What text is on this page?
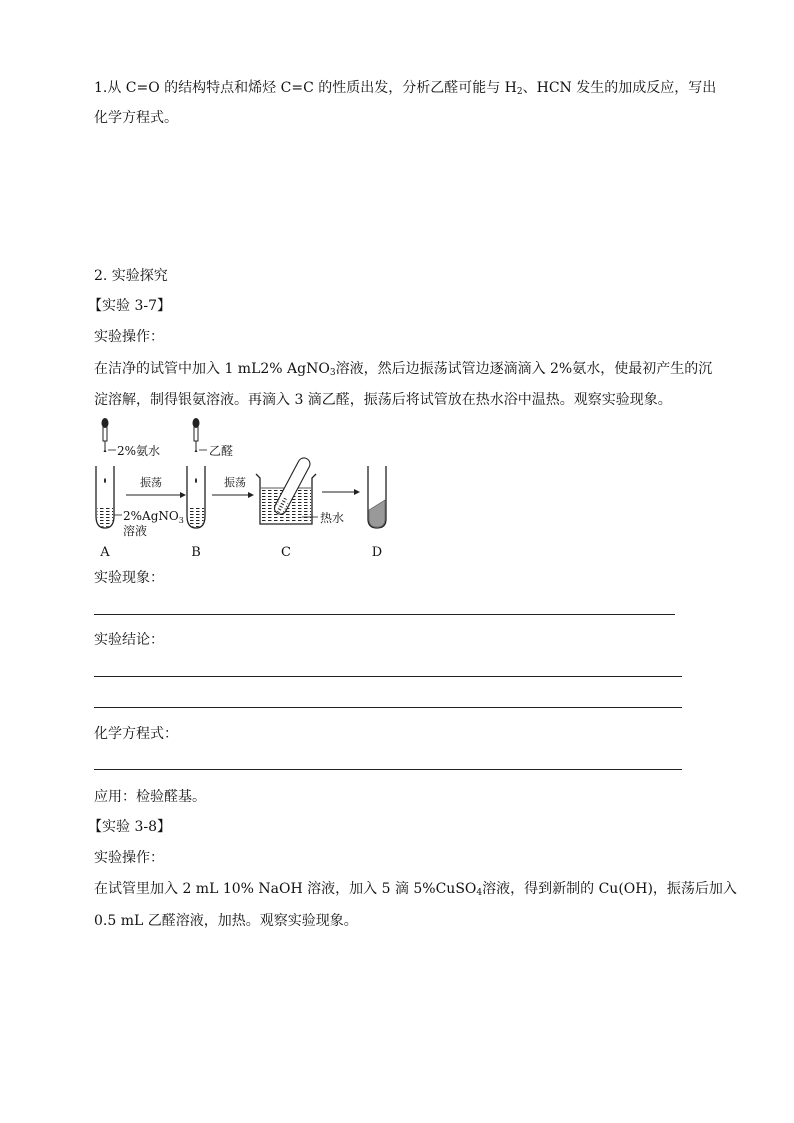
1.从 C=O 的结构特点和烯烃 C=C 的性质出发，分析乙醛可能与 $H_2$、HCN 发生的加成反应，写出
化学方程式。
2. 实验探究
【实验 3-7】
实验操作：
在洁净的试管中加入 1 mL2% AgNO$_3$溶液，然后边振荡试管边逐滴滴入 2%氨水，使最初产生的沉
淀溶解，制得银氨溶液。再滴入 3 滴乙醛，振荡后将试管放在热水浴中温热。观察实验现象。
2%氨水
2%AgNO$_3$
溶液
A
振荡
乙醛
B
振荡
热水
C	D
实验现象：
实验结论：
化学方程式：
应用：检验醛基。
【实验 3-8】
实验操作：
在试管里加入 2 mL 10% NaOH 溶液，加入 5 滴 5%CuSO$_4$溶液，得到新制的 Cu(OH)，振荡后加入
0.5 mL 乙醛溶液，加热。观察实验现象。
